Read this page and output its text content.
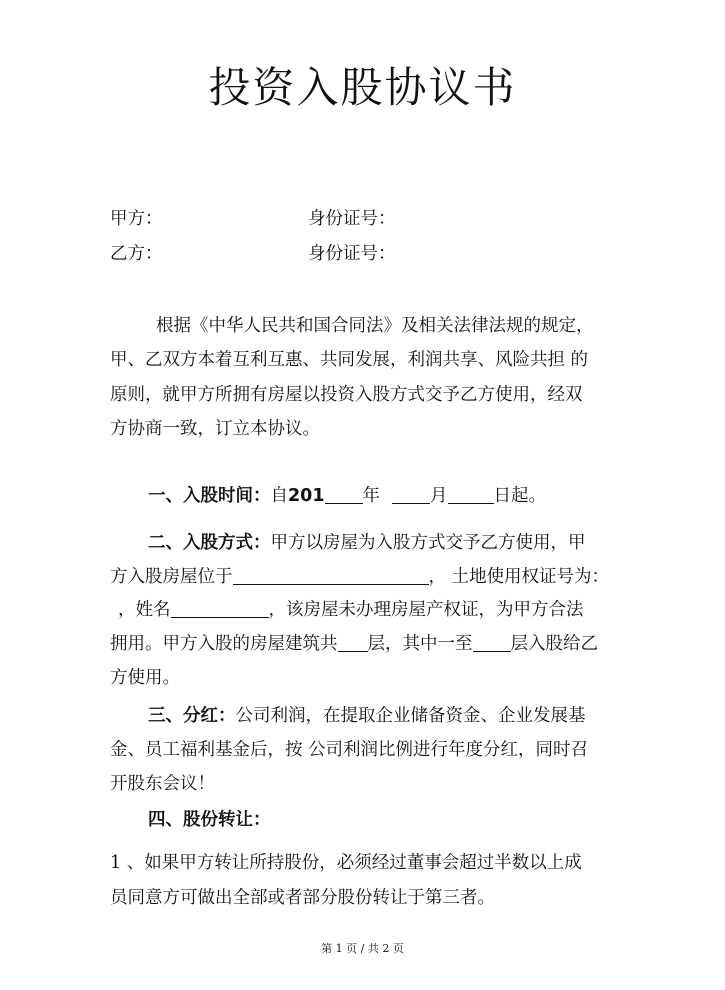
投资入股协议书
甲方：	身份证号：
乙方：	身份证号：
根据《中华人民共和国合同法》及相关法律法规的规定，
甲、乙双方本着互利互惠、共同发展，利润共享、风险共担 的
原则，就甲方所拥有房屋以投资入股方式交予乙方使用，经双
方协商一致，订立本协议。
一、入股时间：自201 年	月	日起。
二、入股方式：甲方以房屋为入股方式交予乙方使用，甲
方入股房屋位于	， 土地使用权证号为：
，姓名	，该房屋未办理房屋产权证，为甲方合法
拥用。甲方入股的房屋建筑共 层，其中一至 层入股给乙
方使用。
三、分红：公司利润，在提取企业储备资金、企业发展基
金、员工福利基金后，按 公司利润比例进行年度分红，同时召
开股东会议！
四、股份转让：
1 、如果甲方转让所持股份，必须经过董事会超过半数以上成
员同意方可做出全部或者部分股份转让于第三者。
第 1 页 / 共 2 页
